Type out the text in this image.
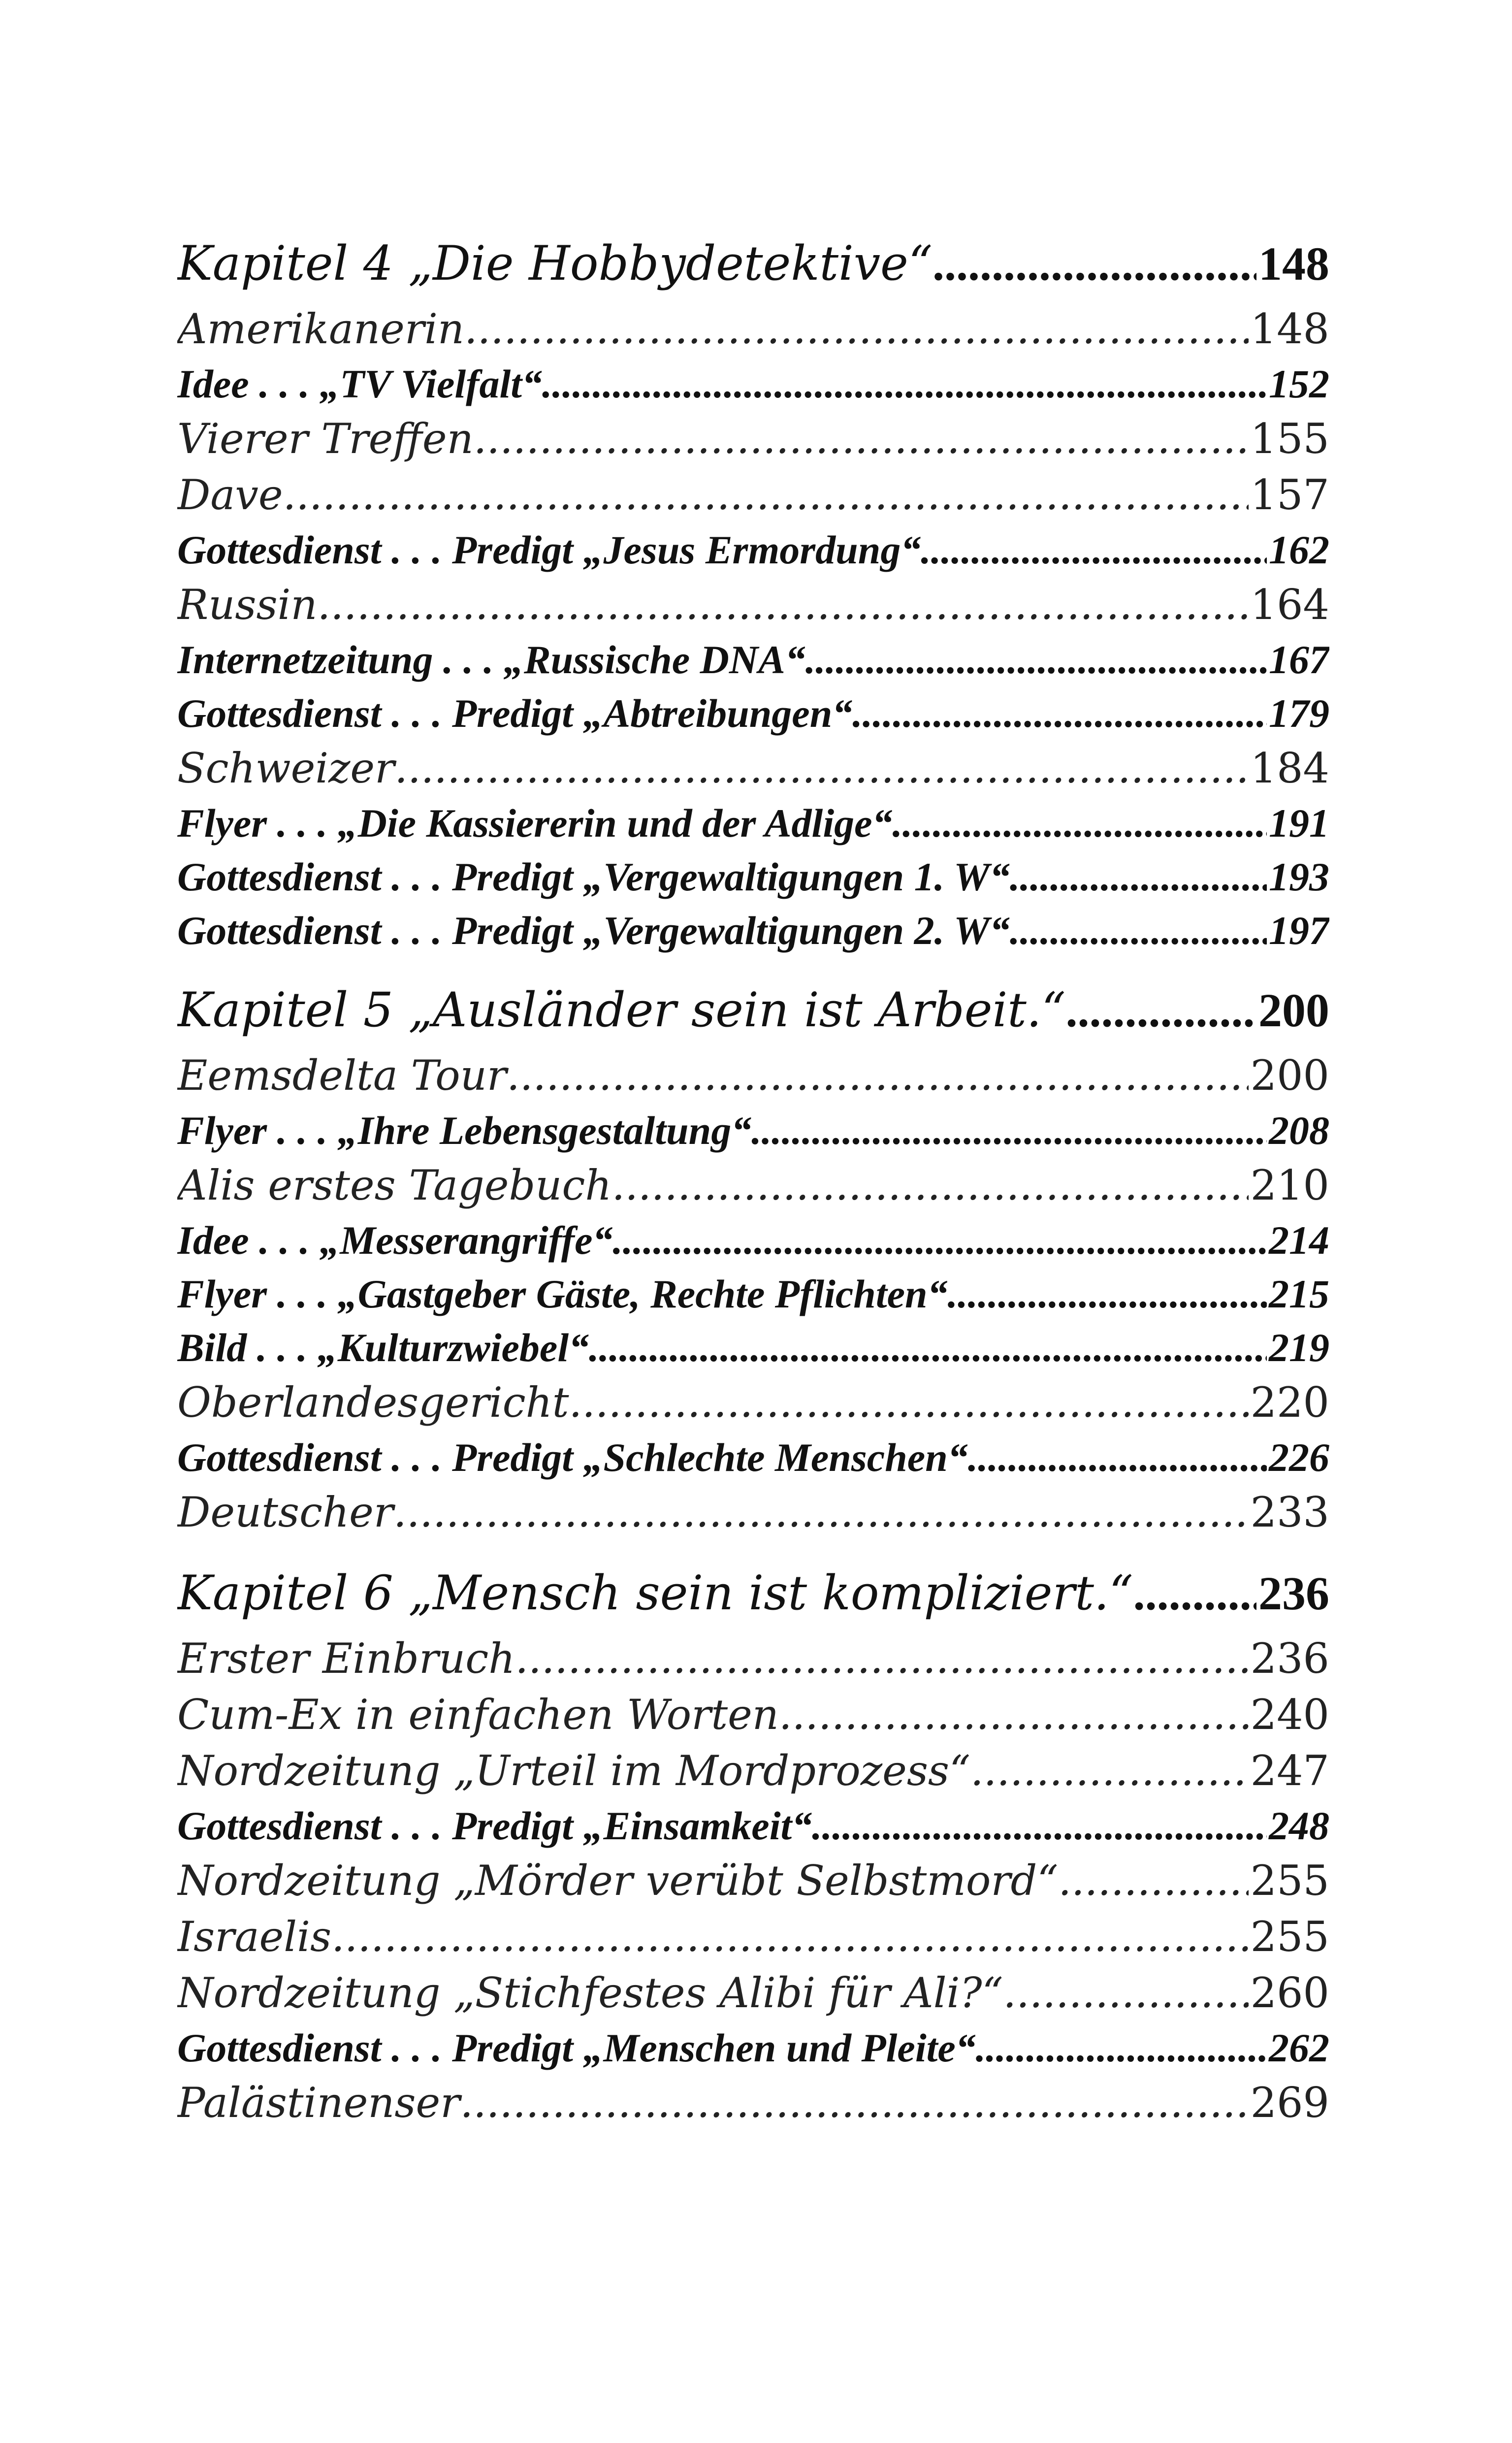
Kapitel 4 „Die Hobbydetektive“ .....	148
Amerikanerin .....	148
Idee . . . „TV Vielfalt“ .....	152
Vierer Treffen .....	155
Dave .....	157
Gottesdienst . . . Predigt „Jesus Ermordung“ .....	162
Russin .....	164
Internetzeitung . . . „Russische DNA“ .....	167
Gottesdienst . . . Predigt „Abtreibungen“ .....	179
Schweizer .....	184
Flyer . . . „Die Kassiererin und der Adlige“ .....	191
Gottesdienst . . . Predigt „Vergewaltigungen 1. W“ .....	193
Gottesdienst . . . Predigt „Vergewaltigungen 2. W“ .....	197
Kapitel 5 „Ausländer sein ist Arbeit.“ .....	200
Eemsdelta Tour .....	200
Flyer . . . „Ihre Lebensgestaltung“ .....	208
Alis erstes Tagebuch .....	210
Idee . . . „Messerangriffe“ .....	214
Flyer . . . „Gastgeber Gäste, Rechte Pflichten“ .....	215
Bild . . . „Kulturzwiebel“ .....	219
Oberlandesgericht .....	220
Gottesdienst . . . Predigt „Schlechte Menschen“ .....	226
Deutscher .....	233
Kapitel 6 „Mensch sein ist kompliziert.“ .....	236
Erster Einbruch .....	236
Cum-Ex in einfachen Worten .....	240
Nordzeitung „Urteil im Mordprozess“ .....	247
Gottesdienst . . . Predigt „Einsamkeit“ .....	248
Nordzeitung „Mörder verübt Selbstmord“ .....	255
Israelis .....	255
Nordzeitung „Stichfestes Alibi für Ali?“ .....	260
Gottesdienst . . . Predigt „Menschen und Pleite“ .....	262
Palästinenser .....	269
